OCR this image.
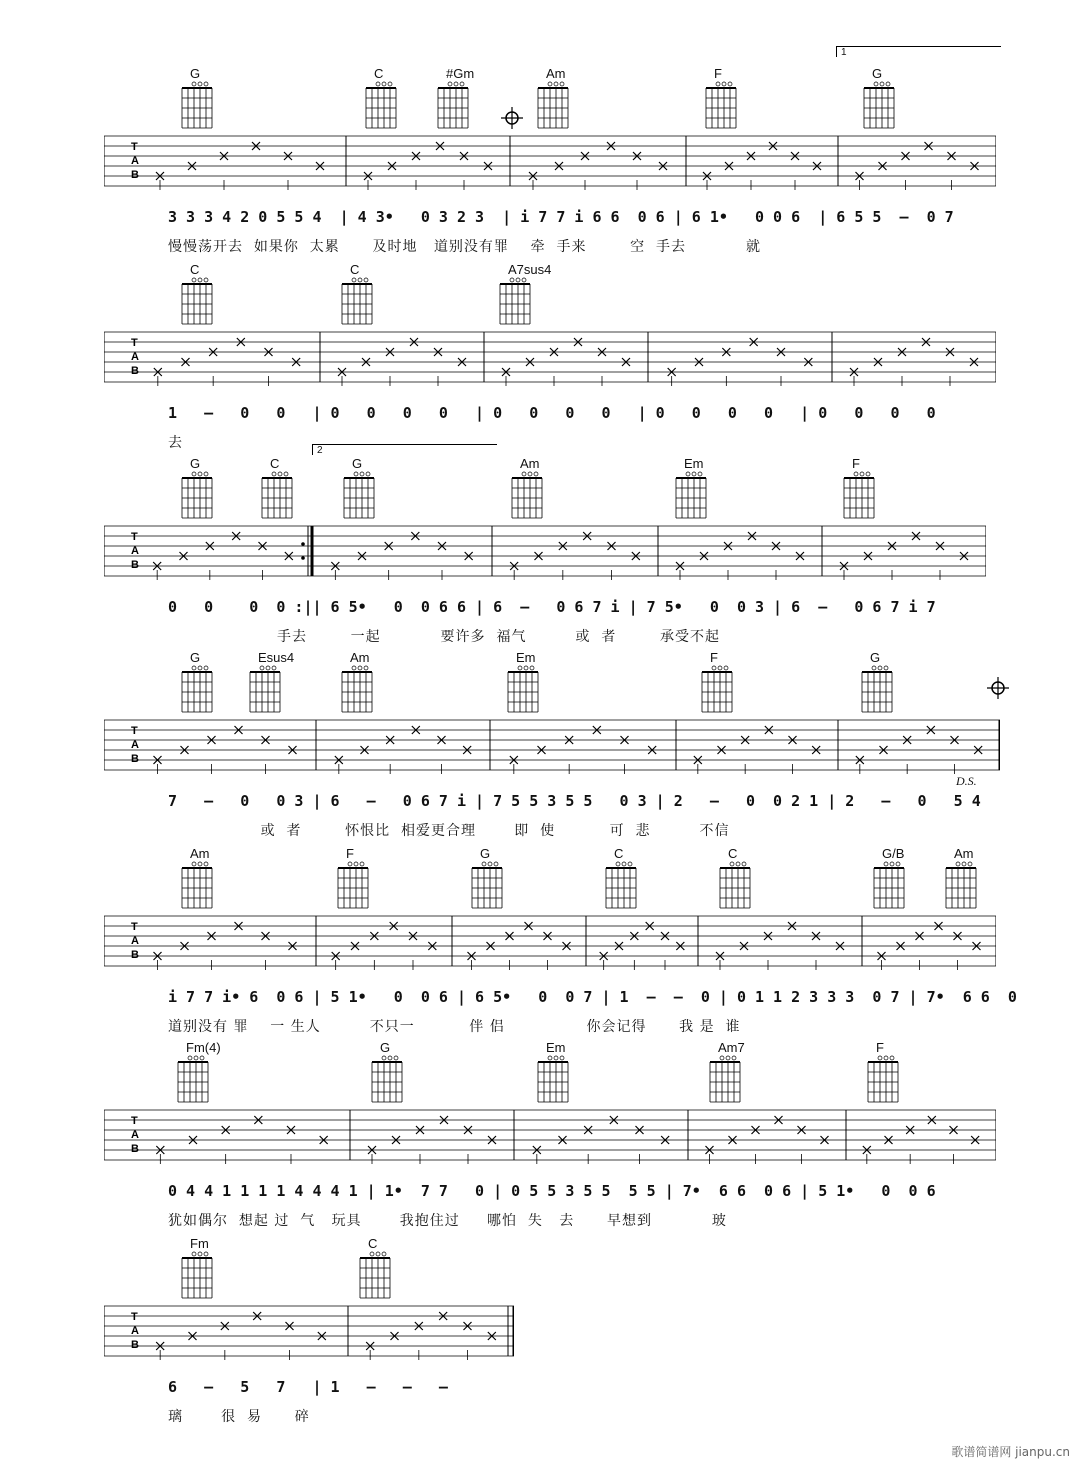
1
2
G	C	#Gm	Am	F	G
T
A
B
3 3 3 4 2 0 5 5 4  | 4 3•   0 3 2 3  | i 7 7 i 6 6  0 6 | 6 1•   0 0 6  | 6 5 5  –  0 7
慢慢荡开去  如果你  太累      及时地   道别没有罪    牵  手来        空  手去           就
C	C	A7sus4
T
A
B
1   –   0   0   | 0   0   0   0   | 0   0   0   0   | 0   0   0   0   | 0   0   0   0
去
G	C	G	Am	Em	F
T
A
B
0   0    0  0 :|| 6 5•   0  0 6 6 | 6  –   0 6 7 i | 7 5•   0  0 3 | 6  –   0 6 7 i 7
手去        一起           要许多  福气         或  者        承受不起
G	Esus4	Am	Em	F	G
T
A
B
D.S.
7   –   0   0 3 | 6   –   0 6 7 i | 7 5 5 3 5 5   0 3 | 2   –   0  0 2 1 | 2   –   0   5 4
或  者        怀恨比  相爱更合理       即  使          可  悲         不信
Am	F	G	C	C	G/B	Am
T
A
B
i 7 7 i• 6  0 6 | 5 1•   0  0 6 | 6 5•   0  0 7 | 1  –  –  0 | 0 1 1 2 3 3 3  0 7 | 7•  6 6  0
道别没有 罪    一 生人         不只一          伴 侣               你会记得      我 是  谁
Fm(4)	G	Em	Am7	F
T
A
B
0 4 4 1 1 1 1 4 4 4 1 | 1•  7 7   0 | 0 5 5 3 5 5  5 5 | 7•  6 6  0 6 | 5 1•   0  0 6
犹如偶尔  想起 过  气   玩具       我抱住过     哪怕  失   去      早想到           玻
Fm	C
T
A
B
6   –   5   7   | 1   –   –   –
璃       很  易      碎
歌谱简谱网 jianpu.cn
